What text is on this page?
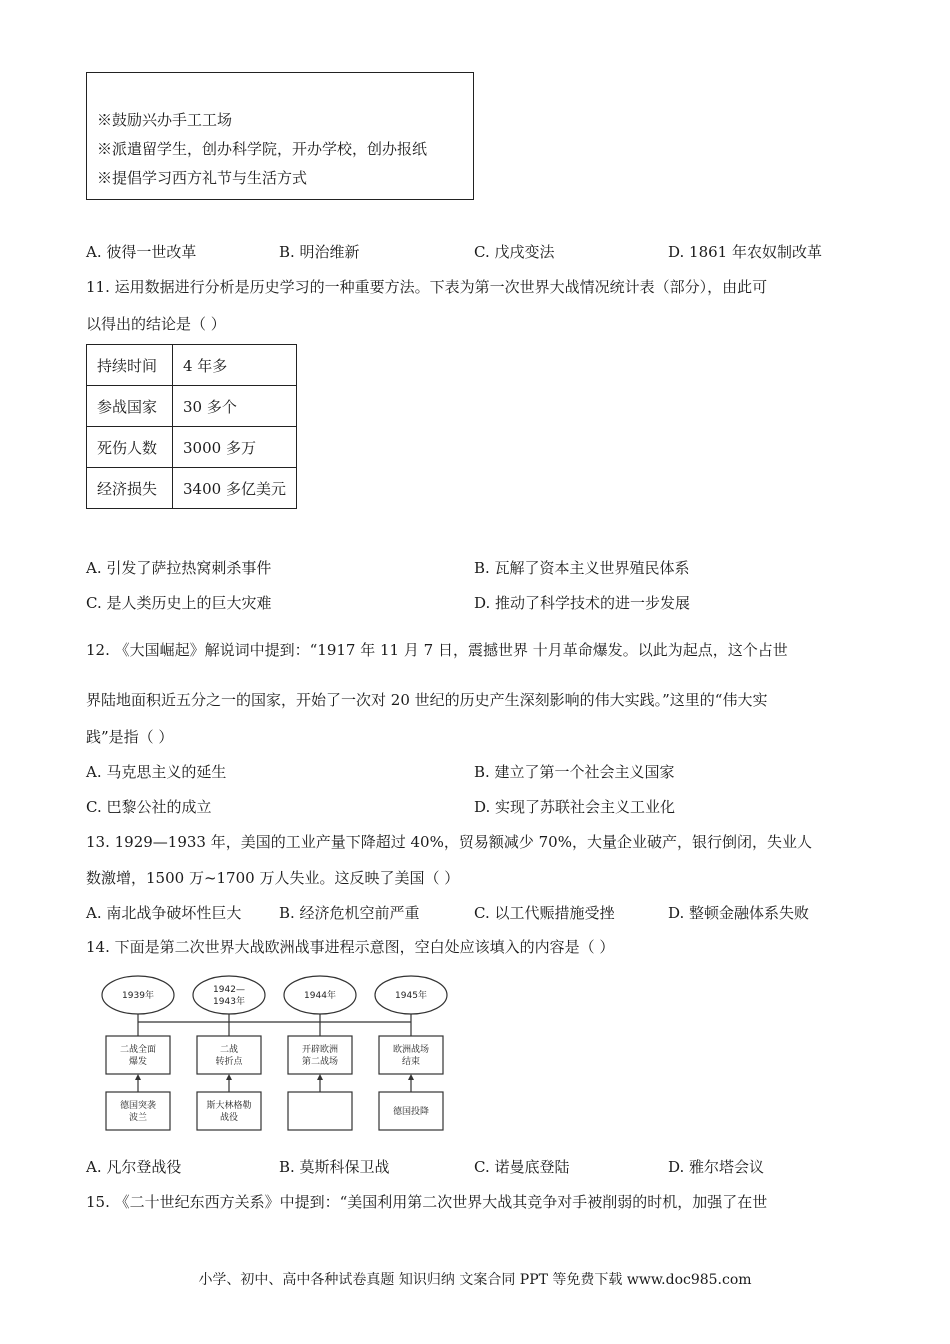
※鼓励兴办手工工场
※派遣留学生，创办科学院，开办学校，创办报纸
※提倡学习西方礼节与生活方式
A. 彼得一世改革	B. 明治维新	C. 戊戌变法	D. 1861 年农奴制改革
11. 运用数据进行分析是历史学习的一种重要方法。下表为第一次世界大战情况统计表（部分），由此可
以得出的结论是（ ）
持续时间	4 年多
参战国家	30 多个
死伤人数	3000 多万
经济损失	3400 多亿美元
A. 引发了萨拉热窝刺杀事件	B. 瓦解了资本主义世界殖民体系
C. 是人类历史上的巨大灾难	D. 推动了科学技术的进一步发展
12. 《大国崛起》解说词中提到：“1917 年 11 月 7 日，震撼世界 十月革命爆发。以此为起点，这个占世
界陆地面积近五分之一的国家，开始了一次对 20 世纪的历史产生深刻影响的伟大实践。”这里的“伟大实
践”是指（ ）
A. 马克思主义的延生	B. 建立了第一个社会主义国家
C. 巴黎公社的成立	D. 实现了苏联社会主义工业化
13. 1929—1933 年，美国的工业产量下降超过 40%，贸易额减少 70%，大量企业破产，银行倒闭，失业人
数激增，1500 万~1700 万人失业。这反映了美国（ ）
A. 南北战争破坏性巨大	B. 经济危机空前严重	C. 以工代赈措施受挫	D. 整顿金融体系失败
14. 下面是第二次世界大战欧洲战事进程示意图，空白处应该填入的内容是（ ）
1939年
二战全面爆发
德国突袭波兰
1942— 1943年
二战转折点
斯大林格勒战役
1944年
开辟欧洲第二战场
1945年
欧洲战场结束
德国投降
A. 凡尔登战役	B. 莫斯科保卫战	C. 诺曼底登陆	D. 雅尔塔会议
15. 《二十世纪东西方关系》中提到：“美国利用第二次世界大战其竞争对手被削弱的时机，加强了在世
小学、初中、高中各种试卷真题 知识归纳 文案合同 PPT 等免费下载 www.doc985.com
